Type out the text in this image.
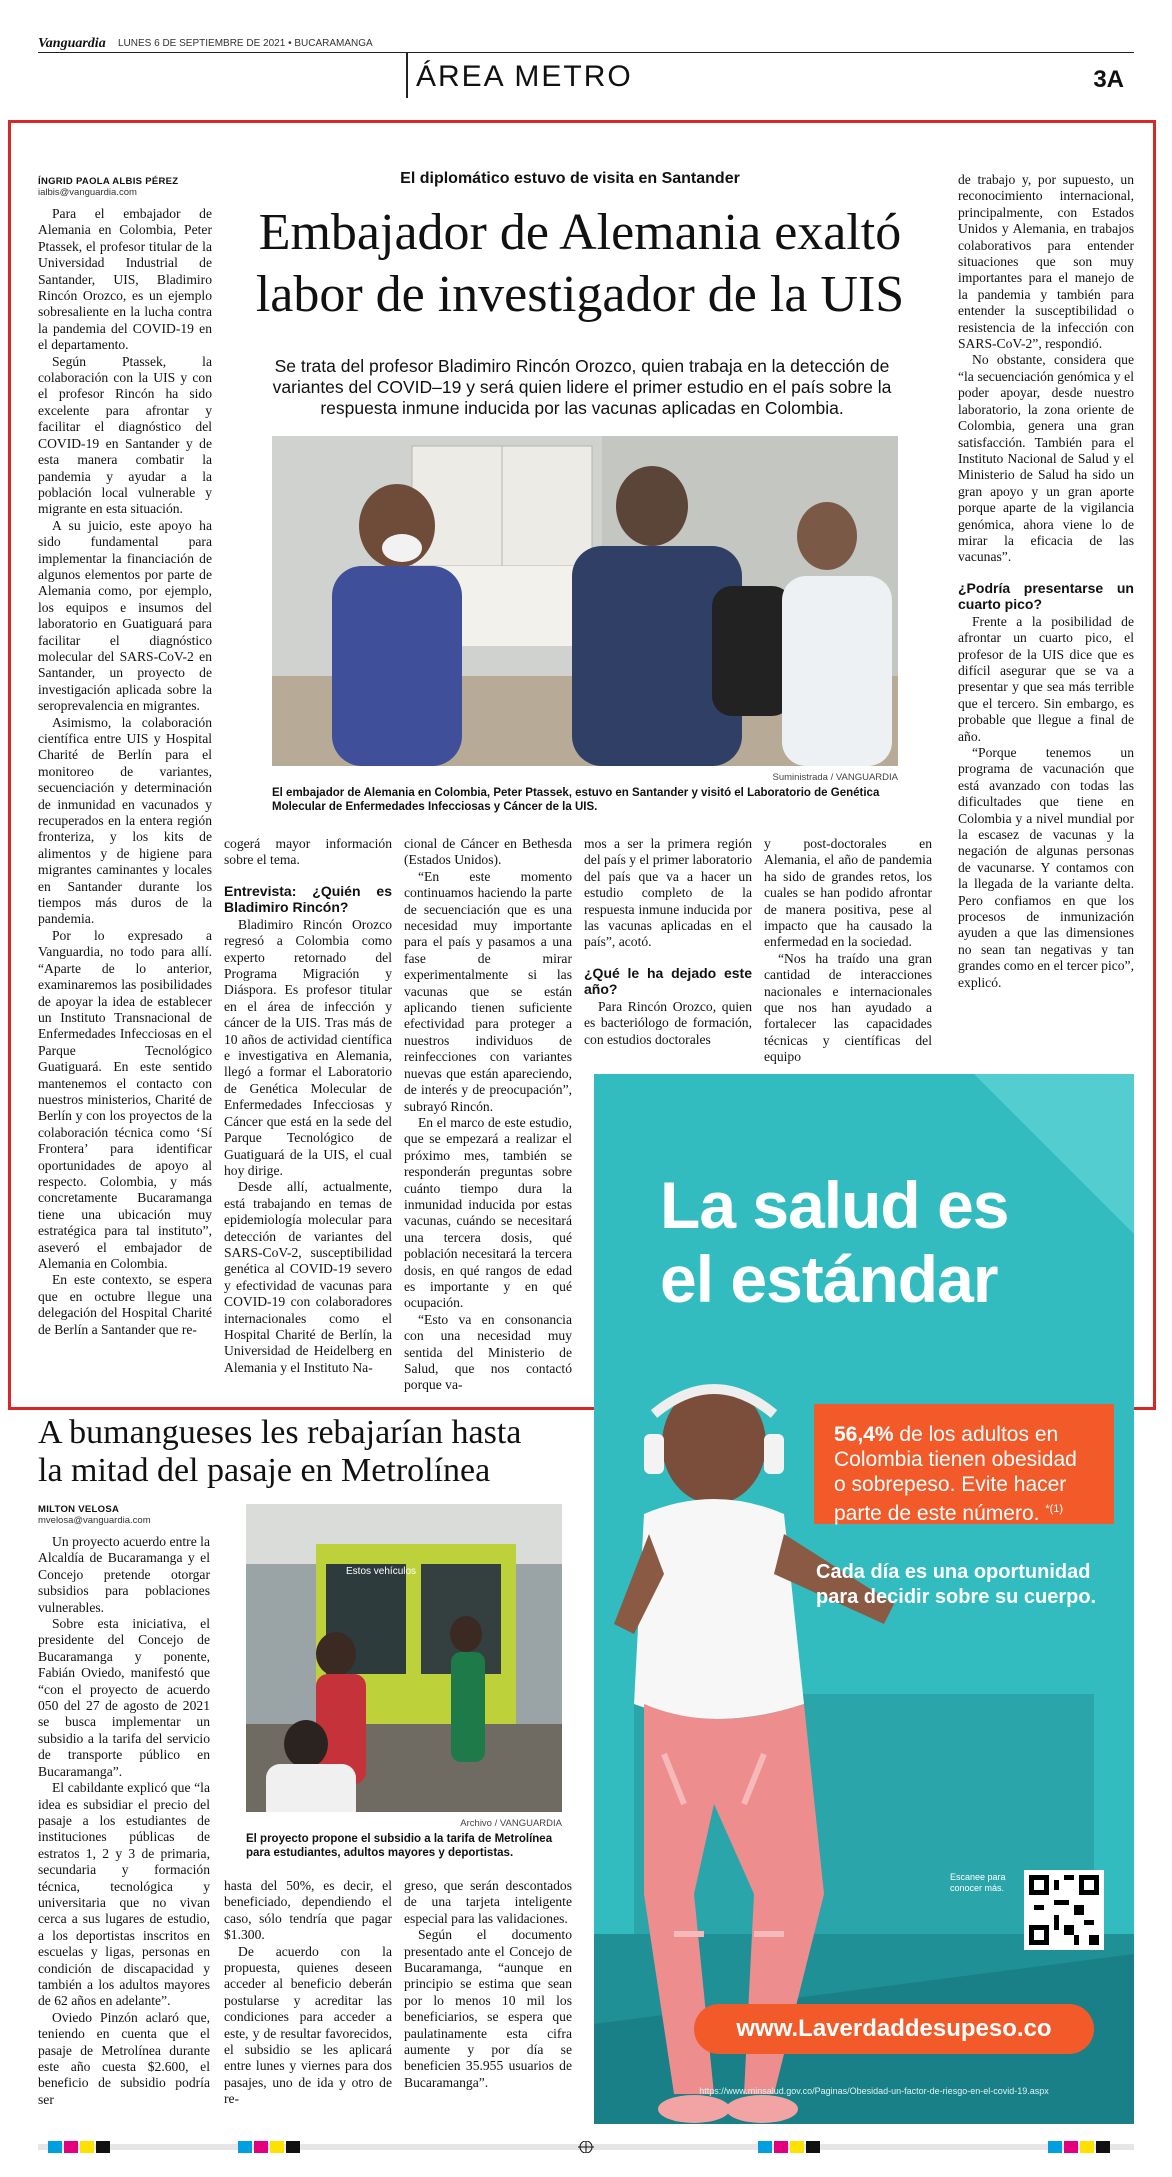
Vanguardia LUNES 6 DE SEPTIEMBRE DE 2021 • BUCARAMANGA
ÁREA METRO	3A
El diplomático estuvo de visita en Santander
Embajador de Alemania exaltó
labor de investigador de la UIS
Se trata del profesor Bladimiro Rincón Orozco, quien trabaja en la detección de variantes del COVID–19 y será quien lidere el primer estudio en el país sobre la respuesta inmune inducida por las vacunas aplicadas en Colombia.
ÍNGRID PAOLA ALBIS PÉREZ
ialbis@vanguardia.com

Para el embajador de Alemania en Colombia, Peter Ptassek, el profesor titular de la Universidad Industrial de Santander, UIS, Bladimiro Rincón Orozco, es un ejemplo sobresaliente en la lucha contra la pandemia del COVID-19 en el departamento.

Según Ptassek, la colaboración con la UIS y con el profesor Rincón ha sido excelente para afrontar y facilitar el diagnóstico del COVID-19 en Santander y de esta manera combatir la pandemia y ayudar a la población local vulnerable y migrante en esta situación.

A su juicio, este apoyo ha sido fundamental para implementar la financiación de algunos elementos por parte de Alemania como, por ejemplo, los equipos e insumos del laboratorio en Guatiguará para facilitar el diagnóstico molecular del SARS-CoV-2 en Santander, un proyecto de investigación aplicada sobre la seroprevalencia en migrantes.

Asimismo, la colaboración científica entre UIS y Hospital Charité de Berlín para el monitoreo de variantes, secuenciación y determinación de inmunidad en vacunados y recuperados en la entera región fronteriza, y los kits de alimentos y de higiene para migrantes caminantes y locales en Santander durante los tiempos más duros de la pandemia.

Por lo expresado a Vanguardia, no todo para allí. “Aparte de lo anterior, examinaremos las posibilidades de apoyar la idea de establecer un Instituto Transnacional de Enfermedades Infecciosas en el Parque Tecnológico Guatiguará. En este sentido mantenemos el contacto con nuestros ministerios, Charité de Berlín y con los proyectos de la colaboración técnica como ‘Sí Frontera’ para identificar oportunidades de apoyo al respecto. Colombia, y más concretamente Bucaramanga tiene una ubicación muy estratégica para tal instituto”, aseveró el embajador de Alemania en Colombia.

En este contexto, se espera que en octubre llegue una delegación del Hospital Charité de Berlín a Santander que re-

Suministrada / VANGUARDIA
El embajador de Alemania en Colombia, Peter Ptassek, estuvo en Santander y visitó el Laboratorio de Genética Molecular de Enfermedades Infecciosas y Cáncer de la UIS.

cogerá mayor información sobre el tema.

Entrevista: ¿Quién es Bladimiro Rincón?

Bladimiro Rincón Orozco regresó a Colombia como experto retornado del Programa Migración y Diáspora. Es profesor titular en el área de infección y cáncer de la UIS. Tras más de 10 años de actividad científica e investigativa en Alemania, llegó a formar el Laboratorio de Genética Molecular de Enfermedades Infecciosas y Cáncer que está en la sede del Parque Tecnológico de Guatiguará de la UIS, el cual hoy dirige.

Desde allí, actualmente, está trabajando en temas de epidemiología molecular para detección de variantes del SARS-CoV-2, susceptibilidad genética al COVID-19 severo y efectividad de vacunas para COVID-19 con colaboradores internacionales como el Hospital Charité de Berlín, la Universidad de Heidelberg en Alemania y el Instituto Na-

cional de Cáncer en Bethesda (Estados Unidos).

“En este momento continuamos haciendo la parte de secuenciación que es una necesidad muy importante para el país y pasamos a una fase de mirar experimentalmente si las vacunas que se están aplicando tienen suficiente efectividad para proteger a nuestros individuos de reinfecciones con variantes nuevas que están apareciendo, de interés y de preocupación”, subrayó Rincón.

En el marco de este estudio, que se empezará a realizar el próximo mes, también se responderán preguntas sobre cuánto tiempo dura la inmunidad inducida por estas vacunas, cuándo se necesitará una tercera dosis, qué población necesitará la tercera dosis, en qué rangos de edad es importante y en qué ocupación.

“Esto va en consonancia con una necesidad muy sentida del Ministerio de Salud, que nos contactó porque va-

mos a ser la primera región del país y el primer laboratorio del país que va a hacer un estudio completo de la respuesta inmune inducida por las vacunas aplicadas en el país”, acotó.

¿Qué le ha dejado este año?

Para Rincón Orozco, quien es bacteriólogo de formación, con estudios doctorales

y post-doctorales en Alemania, el año de pandemia ha sido de grandes retos, los cuales se han podido afrontar de manera positiva, pese al impacto que ha causado la enfermedad en la sociedad.

“Nos ha traído una gran cantidad de interacciones nacionales e internacionales que nos han ayudado a fortalecer las capacidades técnicas y científicas del equipo

de trabajo y, por supuesto, un reconocimiento internacional, principalmente, con Estados Unidos y Alemania, en trabajos colaborativos para entender situaciones que son muy importantes para el manejo de la pandemia y también para entender la susceptibilidad o resistencia de la infección con SARS-CoV-2”, respondió.

No obstante, considera que “la secuenciación genómica y el poder apoyar, desde nuestro laboratorio, la zona oriente de Colombia, genera una gran satisfacción. También para el Instituto Nacional de Salud y el Ministerio de Salud ha sido un gran apoyo y un gran aporte porque aparte de la vigilancia genómica, ahora viene lo de mirar la eficacia de las vacunas”.

¿Podría presentarse un cuarto pico?

Frente a la posibilidad de afrontar un cuarto pico, el profesor de la UIS dice que es difícil asegurar que se va a presentar y que sea más terrible que el tercero. Sin embargo, es probable que llegue a final de año.

“Porque tenemos un programa de vacunación que está avanzado con todas las dificultades que tiene en Colombia y a nivel mundial por la escasez de vacunas y la negación de algunas personas de vacunarse. Y contamos con la llegada de la variante delta. Pero confiamos en que los procesos de inmunización ayuden a que las dimensiones no sean tan negativas y tan grandes como en el tercer pico”, explicó.

La salud es
el estándar
56,4% de los adultos en Colombia tienen obesidad o sobrepeso. Evite hacer parte de este número. $^{*(1)}$
Cada día es una oportunidad para decidir sobre su cuerpo.
Escanee para conocer más.
www.Laverdaddesupeso.co
https://www.minsalud.gov.co/Paginas/Obesidad-un-factor-de-riesgo-en-el-covid-19.aspx
A bumangueses les rebajarían hasta
la mitad del pasaje en Metrolínea
MILTON VELOSA
mvelosa@vanguardia.com

Un proyecto acuerdo entre la Alcaldía de Bucaramanga y el Concejo pretende otorgar subsidios para poblaciones vulnerables.

Sobre esta iniciativa, el presidente del Concejo de Bucaramanga y ponente, Fabián Oviedo, manifestó que “con el proyecto de acuerdo 050 del 27 de agosto de 2021 se busca implementar un subsidio a la tarifa del servicio de transporte público en Bucaramanga”.

El cabildante explicó que “la idea es subsidiar el precio del pasaje a los estudiantes de instituciones públicas de estratos 1, 2 y 3 de primaria, secundaria y formación técnica, tecnológica y universitaria que no vivan cerca a sus lugares de estudio, a los deportistas inscritos en escuelas y ligas, personas en condición de discapacidad y también a los adultos mayores de 62 años en adelante”.

Oviedo Pinzón aclaró que, teniendo en cuenta que el pasaje de Metrolínea durante este año cuesta $2.600, el beneficio de subsidio podría ser

Estos vehículos
Archivo / VANGUARDIA
El proyecto propone el subsidio a la tarifa de Metrolínea para estudiantes, adultos mayores y deportistas.

hasta del 50%, es decir, el beneficiado, dependiendo el caso, sólo tendría que pagar $1.300.

De acuerdo con la propuesta, quienes deseen acceder al beneficio deberán postularse y acreditar las condiciones para acceder a este, y de resultar favorecidos, el subsidio se les aplicará entre lunes y viernes para dos pasajes, uno de ida y otro de re-

greso, que serán descontados de una tarjeta inteligente especial para las validaciones.

Según el documento presentado ante el Concejo de Bucaramanga, “aunque en principio se estima que sean por lo menos 10 mil los beneficiarios, se espera que paulatinamente esta cifra aumente y por día se beneficien 35.955 usuarios de Bucaramanga”.
